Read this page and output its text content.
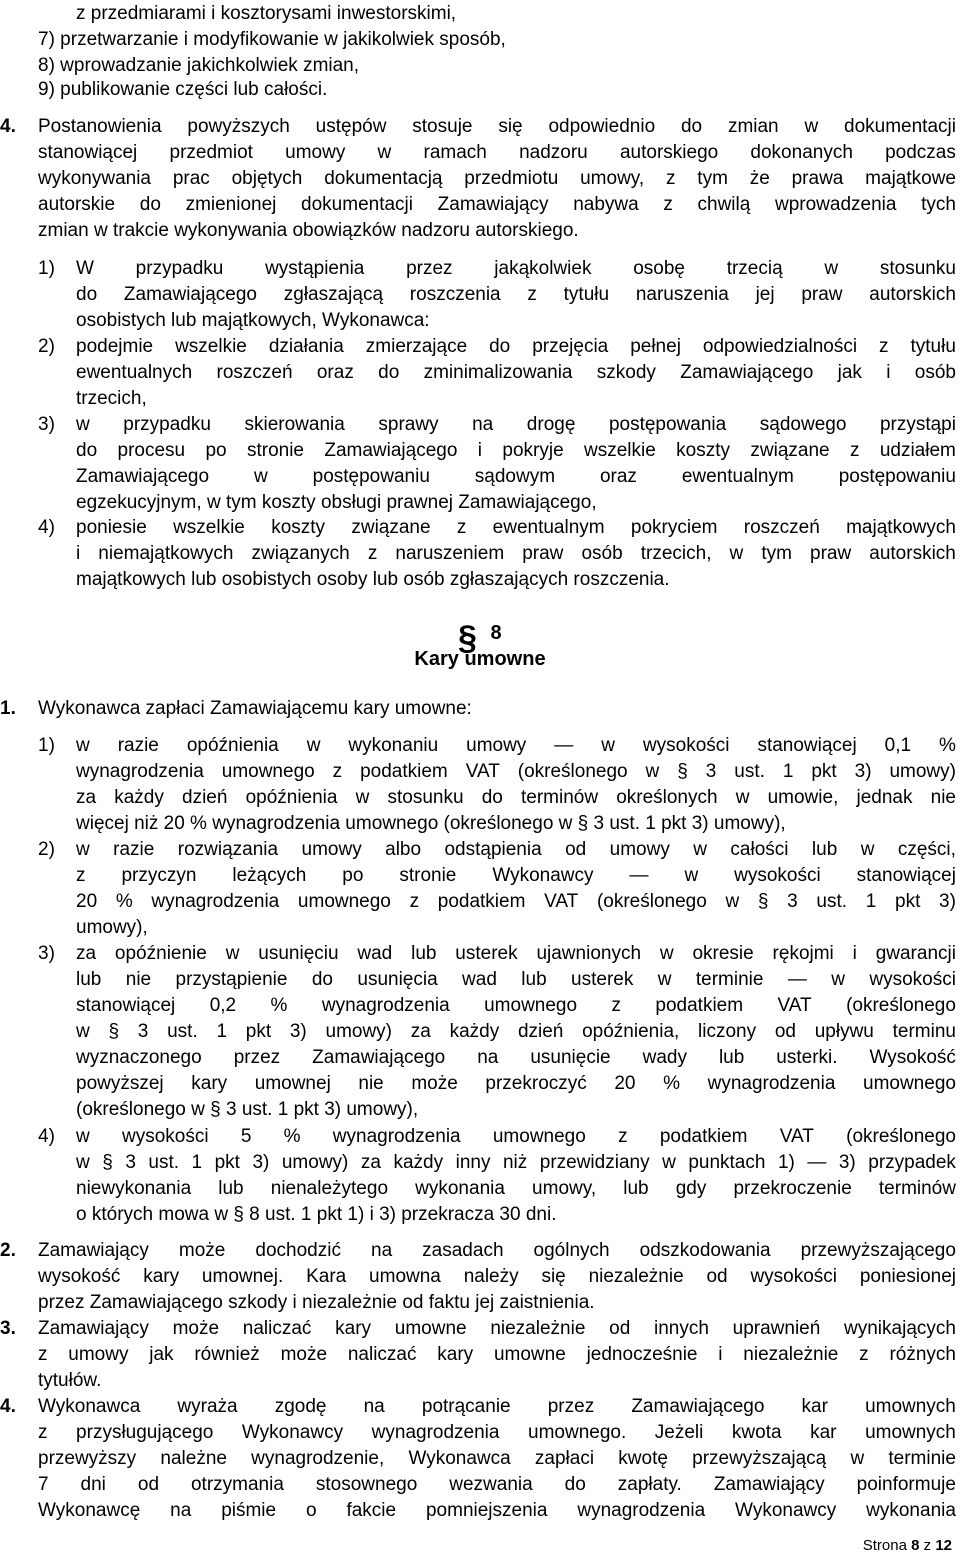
z przedmiarami i kosztorysami inwestorskimi,
7) przetwarzanie i modyfikowanie w jakikolwiek sposób,
8) wprowadzanie jakichkolwiek zmian,
9) publikowanie części lub całości.
4. Postanowienia powyższych ustępów stosuje się odpowiednio do zmian w dokumentacji
stanowiącej przedmiot umowy w ramach nadzoru autorskiego dokonanych podczas
wykonywania prac objętych dokumentacją przedmiotu umowy, z tym że prawa majątkowe
autorskie do zmienionej dokumentacji Zamawiający nabywa z chwilą wprowadzenia tych
zmian w trakcie wykonywania obowiązków nadzoru autorskiego.
1) W przypadku wystąpienia przez jakąkolwiek osobę trzecią w stosunku
do Zamawiającego zgłaszającą roszczenia z tytułu naruszenia jej praw autorskich
osobistych lub majątkowych, Wykonawca:
2) podejmie wszelkie działania zmierzające do przejęcia pełnej odpowiedzialności z tytułu
ewentualnych roszczeń oraz do zminimalizowania szkody Zamawiającego jak i osób
trzecich,
3) w przypadku skierowania sprawy na drogę postępowania sądowego przystąpi
do procesu po stronie Zamawiającego i pokryje wszelkie koszty związane z udziałem
Zamawiającego w postępowaniu sądowym oraz ewentualnym postępowaniu
egzekucyjnym, w tym koszty obsługi prawnej Zamawiającego,
4) poniesie wszelkie koszty związane z ewentualnym pokryciem roszczeń majątkowych
i niemajątkowych związanych z naruszeniem praw osób trzecich, w tym praw autorskich
majątkowych lub osobistych osoby lub osób zgłaszających roszczenia.
§ 8
Kary umowne
1. Wykonawca zapłaci Zamawiającemu kary umowne:
1) w razie opóźnienia w wykonaniu umowy — w wysokości stanowiącej 0,1 %
wynagrodzenia umownego z podatkiem VAT (określonego w § 3 ust. 1 pkt 3) umowy)
za każdy dzień opóźnienia w stosunku do terminów określonych w umowie, jednak nie
więcej niż 20 % wynagrodzenia umownego (określonego w § 3 ust. 1 pkt 3) umowy),
2) w razie rozwiązania umowy albo odstąpienia od umowy w całości lub w części,
z przyczyn leżących po stronie Wykonawcy — w wysokości stanowiącej
20 % wynagrodzenia umownego z podatkiem VAT (określonego w § 3 ust. 1 pkt 3)
umowy),
3) za opóźnienie w usunięciu wad lub usterek ujawnionych w okresie rękojmi i gwarancji
lub nie przystąpienie do usunięcia wad lub usterek w terminie — w wysokości
stanowiącej 0,2 % wynagrodzenia umownego z podatkiem VAT (określonego
w § 3 ust. 1 pkt 3) umowy) za każdy dzień opóźnienia, liczony od upływu terminu
wyznaczonego przez Zamawiającego na usunięcie wady lub usterki. Wysokość
powyższej kary umownej nie może przekroczyć 20 % wynagrodzenia umownego
(określonego w § 3 ust. 1 pkt 3) umowy),
4) w wysokości 5 % wynagrodzenia umownego z podatkiem VAT (określonego
w § 3 ust. 1 pkt 3) umowy) za każdy inny niż przewidziany w punktach 1) — 3) przypadek
niewykonania lub nienależytego wykonania umowy, lub gdy przekroczenie terminów
o których mowa w § 8 ust. 1 pkt 1) i 3) przekracza 30 dni.
2. Zamawiający może dochodzić na zasadach ogólnych odszkodowania przewyższającego
wysokość kary umownej. Kara umowna należy się niezależnie od wysokości poniesionej
przez Zamawiającego szkody i niezależnie od faktu jej zaistnienia.
3. Zamawiający może naliczać kary umowne niezależnie od innych uprawnień wynikających
z umowy jak również może naliczać kary umowne jednocześnie i niezależnie z różnych
tytułów.
4. Wykonawca wyraża zgodę na potrącanie przez Zamawiającego kar umownych
z przysługującego Wykonawcy wynagrodzenia umownego. Jeżeli kwota kar umownych
przewyższy należne wynagrodzenie, Wykonawca zapłaci kwotę przewyższającą w terminie
7 dni od otrzymania stosownego wezwania do zapłaty. Zamawiający poinformuje
Wykonawcę na piśmie o fakcie pomniejszenia wynagrodzenia Wykonawcy wykonania
Strona 8 z 12
